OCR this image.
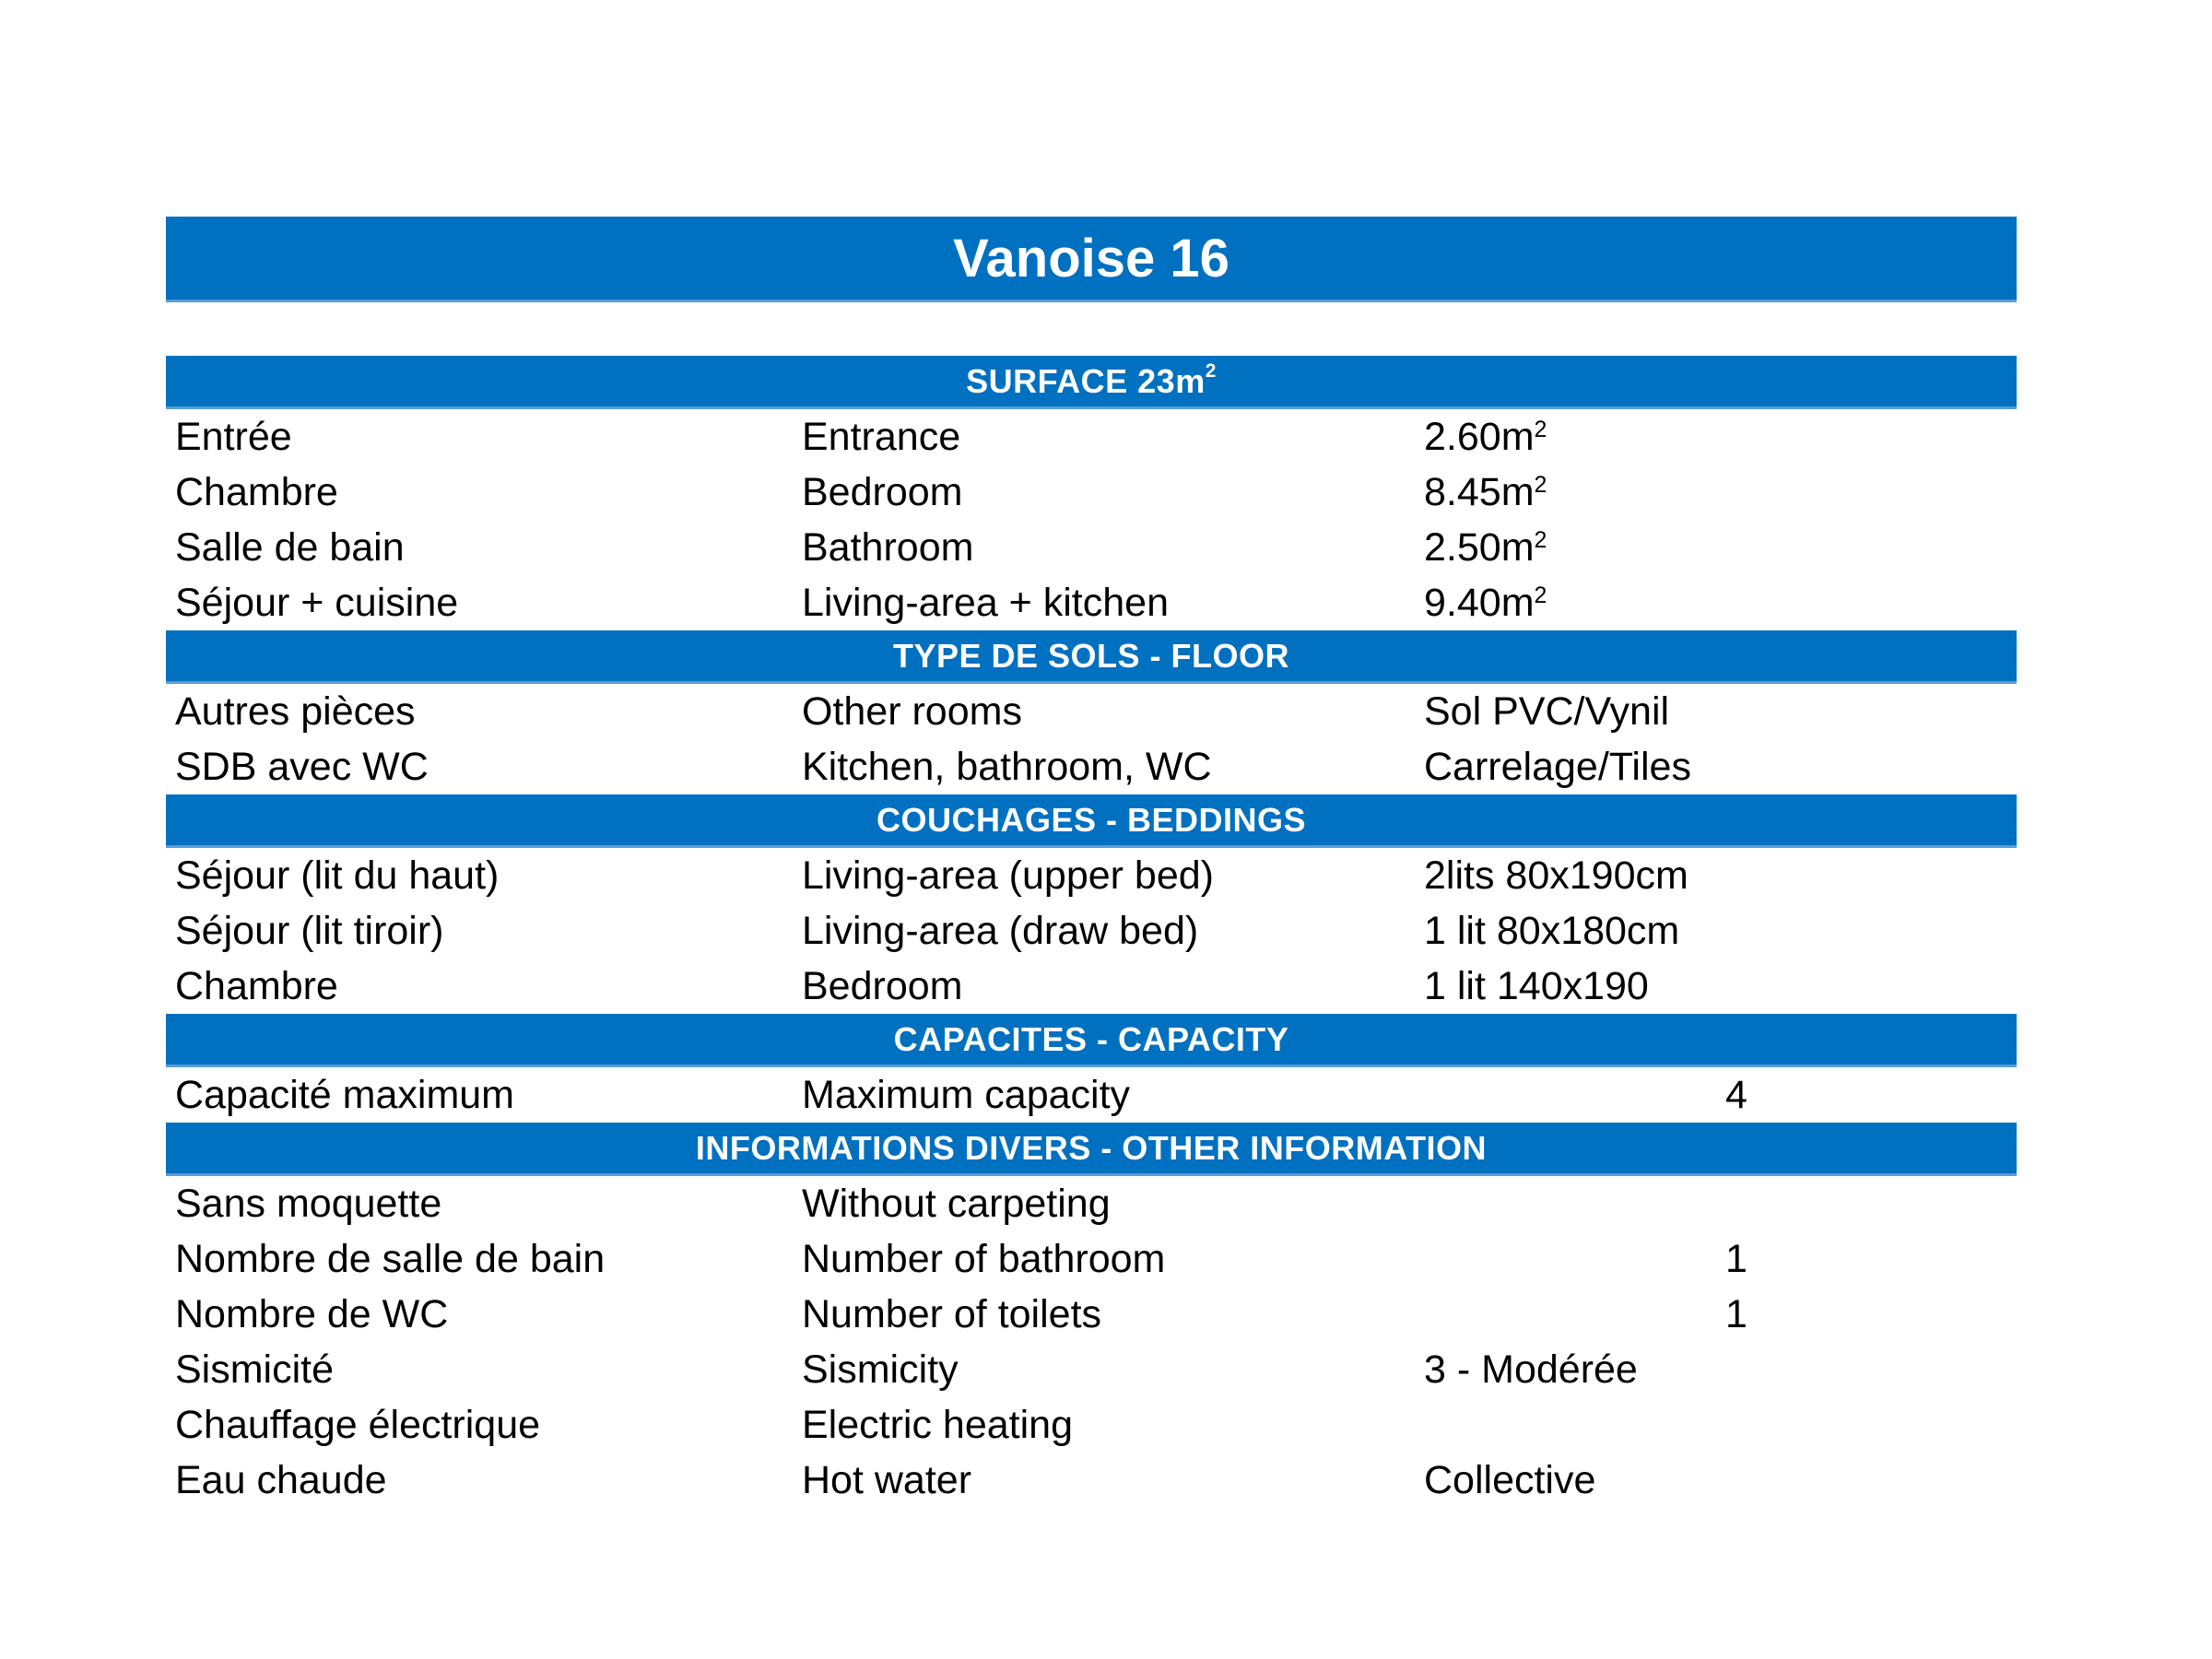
Vanoise 16
SURFACE 23m 2
Entrée	Entrance	$2.60m^2$
Chambre	Bedroom	$8.45m^2$
Salle de bain	Bathroom	$2.50m^2$
Séjour + cuisine	Living-area + kitchen	$9.40m^2$
TYPE DE SOLS - FLOOR
Autres pièces	Other rooms	Sol PVC/Vynil
SDB avec WC	Kitchen, bathroom, WC	Carrelage/Tiles
COUCHAGES - BEDDINGS
Séjour (lit du haut)	Living-area (upper bed)	2lits 80x190cm
Séjour (lit tiroir)	Living-area (draw bed)	1 lit 80x180cm
Chambre	Bedroom	1 lit 140x190
CAPACITES - CAPACITY
Capacité maximum	Maximum capacity	4
INFORMATIONS DIVERS - OTHER INFORMATION
Sans moquette	Without carpeting
Nombre de salle de bain	Number of bathroom	1
Nombre de WC	Number of toilets	1
Sismicité	Sismicity	3 - Modérée
Chauffage électrique	Electric heating
Eau chaude	Hot water	Collective
